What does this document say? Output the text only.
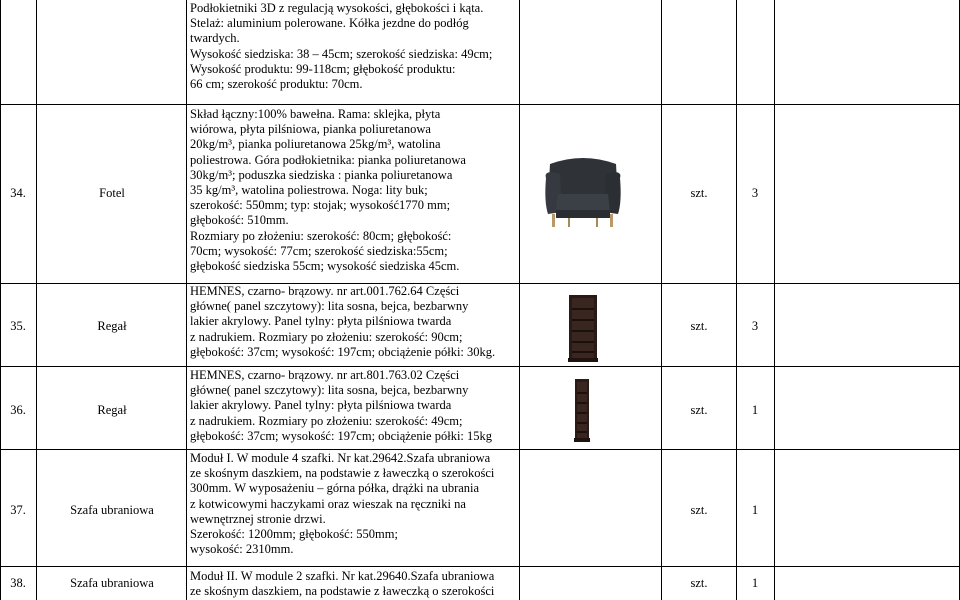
Podłokietniki 3D z regulacją wysokości, głębokości i kąta.
Stelaż: aluminium polerowane. Kółka jezdne do podłóg
twardych.
Wysokość siedziska: 38 – 45cm; szerokość siedziska: 49cm;
Wysokość produktu: 99-118cm; głębokość produktu:
66 cm; szerokość produktu: 70cm.
34.	Fotel
Skład łączny:100% bawełna. Rama: sklejka, płyta
wiórowa, płyta pilśniowa, pianka poliuretanowa
20kg/m³, pianka poliuretanowa 25kg/m³, watolina
poliestrowa. Góra podłokietnika: pianka poliuretanowa
30kg/m³; poduszka siedziska : pianka poliuretanowa
35 kg/m³, watolina poliestrowa. Noga: lity buk;
szerokość: 550mm; typ: stojak; wysokość1770 mm;
głębokość: 510mm.
Rozmiary po złożeniu: szerokość: 80cm; głębokość:
70cm; wysokość: 77cm; szerokość siedziska:55cm;
głębokość siedziska 55cm; wysokość siedziska 45cm.
szt.	3
35.	Regał
HEMNES, czarno- brązowy. nr art.001.762.64 Części
główne( panel szczytowy): lita sosna, bejca, bezbarwny
lakier akrylowy. Panel tylny: płyta pilśniowa twarda
z nadrukiem. Rozmiary po złożeniu: szerokość: 90cm;
głębokość: 37cm; wysokość: 197cm; obciążenie półki: 30kg.
szt.	3
36.	Regał
HEMNES, czarno- brązowy. nr art.801.763.02 Części
główne( panel szczytowy): lita sosna, bejca, bezbarwny
lakier akrylowy. Panel tylny: płyta pilśniowa twarda
z nadrukiem. Rozmiary po złożeniu: szerokość: 49cm;
głębokość: 37cm; wysokość: 197cm; obciążenie półki: 15kg
szt.	1
37.	Szafa ubraniowa
Moduł I. W module 4 szafki. Nr kat.29642.Szafa ubraniowa
ze skośnym daszkiem, na podstawie z ławeczką o szerokości
300mm. W wyposażeniu – górna półka, drążki na ubrania
z kotwicowymi haczykami oraz wieszak na ręczniki na
wewnętrznej stronie drzwi.
Szerokość: 1200mm; głębokość: 550mm;
wysokość: 2310mm.
szt.	1
38.	Szafa ubraniowa	Moduł II. W module 2 szafki. Nr kat.29640.Szafa ubraniowa
ze skośnym daszkiem, na podstawie z ławeczką o szerokości
szt.	1
